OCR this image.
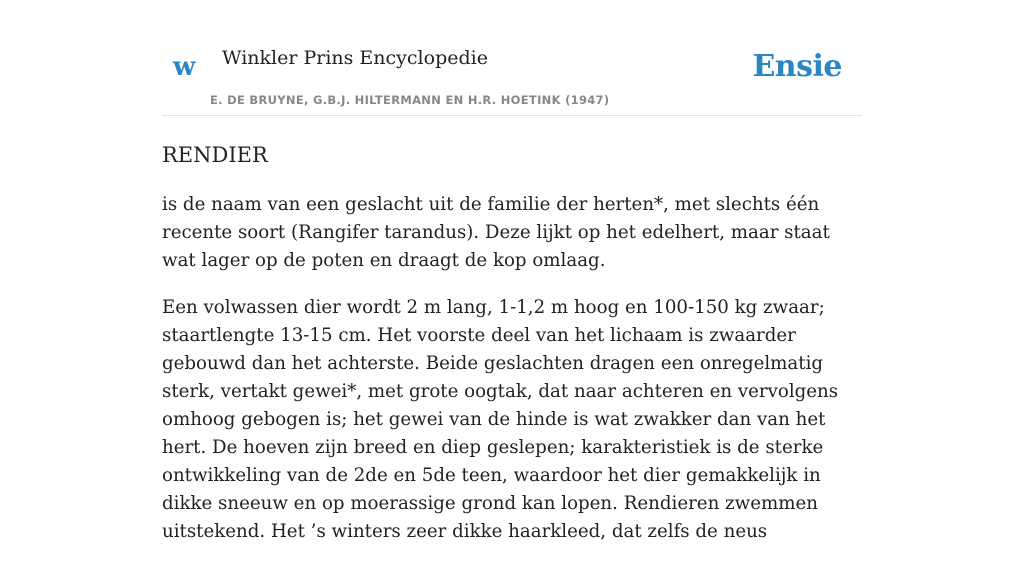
w Winkler Prins Encyclopedie
E. DE BRUYNE, G.B.J. HILTERMANN EN H.R. HOETINK (1947)
Ensie
RENDIER

is de naam van een geslacht uit de familie der herten*, met slechts één recente soort (Rangifer tarandus). Deze lijkt op het edelhert, maar staat wat lager op de poten en draagt de kop omlaag.

Een volwassen dier wordt 2 m lang, 1-1,2 m hoog en 100-150 kg zwaar; staartlengte 13-15 cm. Het voorste deel van het lichaam is zwaarder gebouwd dan het achterste. Beide geslachten dragen een onregelmatig sterk, vertakt gewei*, met grote oogtak, dat naar achteren en vervolgens omhoog gebogen is; het gewei van de hinde is wat zwakker dan van het hert. De hoeven zijn breed en diep geslepen; karakteristiek is de sterke ontwikkeling van de 2de en 5de teen, waardoor het dier gemakkelijk in dikke sneeuw en op moerassige grond kan lopen. Rendieren zwemmen uitstekend. Het ’s winters zeer dikke haarkleed, dat zelfs de neus
